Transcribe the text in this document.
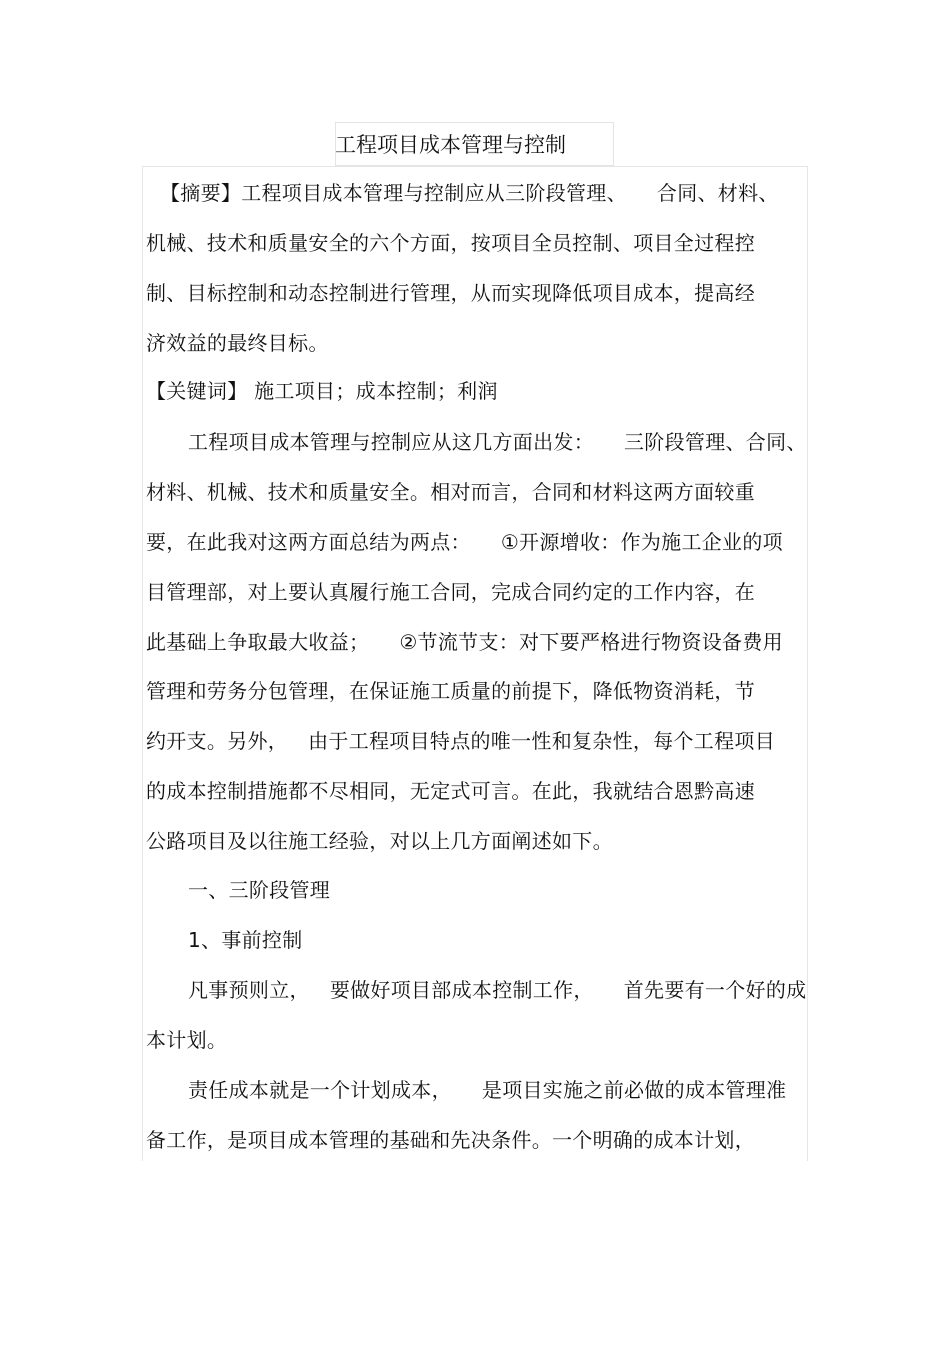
工程项目成本管理与控制
【摘要】工程项目成本管理与控制应从三阶段管理、 合同、材料、
机械、技术和质量安全的六个方面，按项目全员控制、项目全过程控
制、目标控制和动态控制进行管理，从而实现降低项目成本，提高经
济效益的最终目标。
【关键词】 施工项目；成本控制；利润
工程项目成本管理与控制应从这几方面出发： 三阶段管理、合同、
材料、机械、技术和质量安全。相对而言，合同和材料这两方面较重
要，在此我对这两方面总结为两点： ①开源增收：作为施工企业的项
目管理部，对上要认真履行施工合同，完成合同约定的工作内容，在
此基础上争取最大收益； ②节流节支：对下要严格进行物资设备费用
管理和劳务分包管理，在保证施工质量的前提下，降低物资消耗，节
约开支。另外， 由于工程项目特点的唯一性和复杂性，每个工程项目
的成本控制措施都不尽相同，无定式可言。在此，我就结合恩黔高速
公路项目及以往施工经验，对以上几方面阐述如下。
一、三阶段管理
1、事前控制
凡事预则立， 要做好项目部成本控制工作， 首先要有一个好的成
本计划。
责任成本就是一个计划成本， 是项目实施之前必做的成本管理准
备工作，是项目成本管理的基础和先决条件。一个明确的成本计划，
